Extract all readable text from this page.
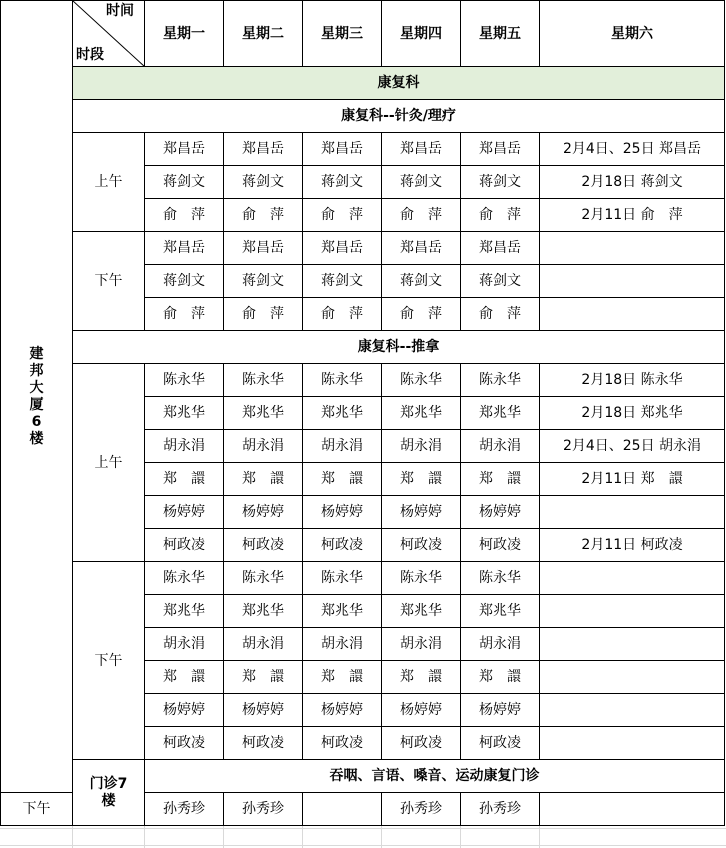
建邦大厦6楼	时间
时段	星期一	星期二	星期三	星期四	星期五	星期六
	康复科						
	康复科--针灸/理疗						
	上午	郑昌岳	郑昌岳	郑昌岳	郑昌岳	郑昌岳	2月4日、25日 郑昌岳
		蒋剑文	蒋剑文	蒋剑文	蒋剑文	蒋剑文	2月18日 蒋剑文
		俞　萍	俞　萍	俞　萍	俞　萍	俞　萍	2月11日 俞　萍
	下午	郑昌岳	郑昌岳	郑昌岳	郑昌岳	郑昌岳	
		蒋剑文	蒋剑文	蒋剑文	蒋剑文	蒋剑文	
		俞　萍	俞　萍	俞　萍	俞　萍	俞　萍	
	康复科--推拿						
	上午	陈永华	陈永华	陈永华	陈永华	陈永华	2月18日 陈永华
		郑兆华	郑兆华	郑兆华	郑兆华	郑兆华	2月18日 郑兆华
		胡永涓	胡永涓	胡永涓	胡永涓	胡永涓	2月4日、25日 胡永涓
		郑　譞	郑　譞	郑　譞	郑　譞	郑　譞	2月11日 郑　譞
		杨婷婷	杨婷婷	杨婷婷	杨婷婷	杨婷婷	
		柯政凌	柯政凌	柯政凌	柯政凌	柯政凌	2月11日 柯政凌
	下午	陈永华	陈永华	陈永华	陈永华	陈永华	
		郑兆华	郑兆华	郑兆华	郑兆华	郑兆华	
		胡永涓	胡永涓	胡永涓	胡永涓	胡永涓	
		郑　譞	郑　譞	郑　譞	郑　譞	郑　譞	
		杨婷婷	杨婷婷	杨婷婷	杨婷婷	杨婷婷	
		柯政凌	柯政凌	柯政凌	柯政凌	柯政凌	
	门诊7楼	吞咽、言语、嗓音、运动康复门诊					
下午		孙秀珍	孙秀珍		孙秀珍	孙秀珍	
